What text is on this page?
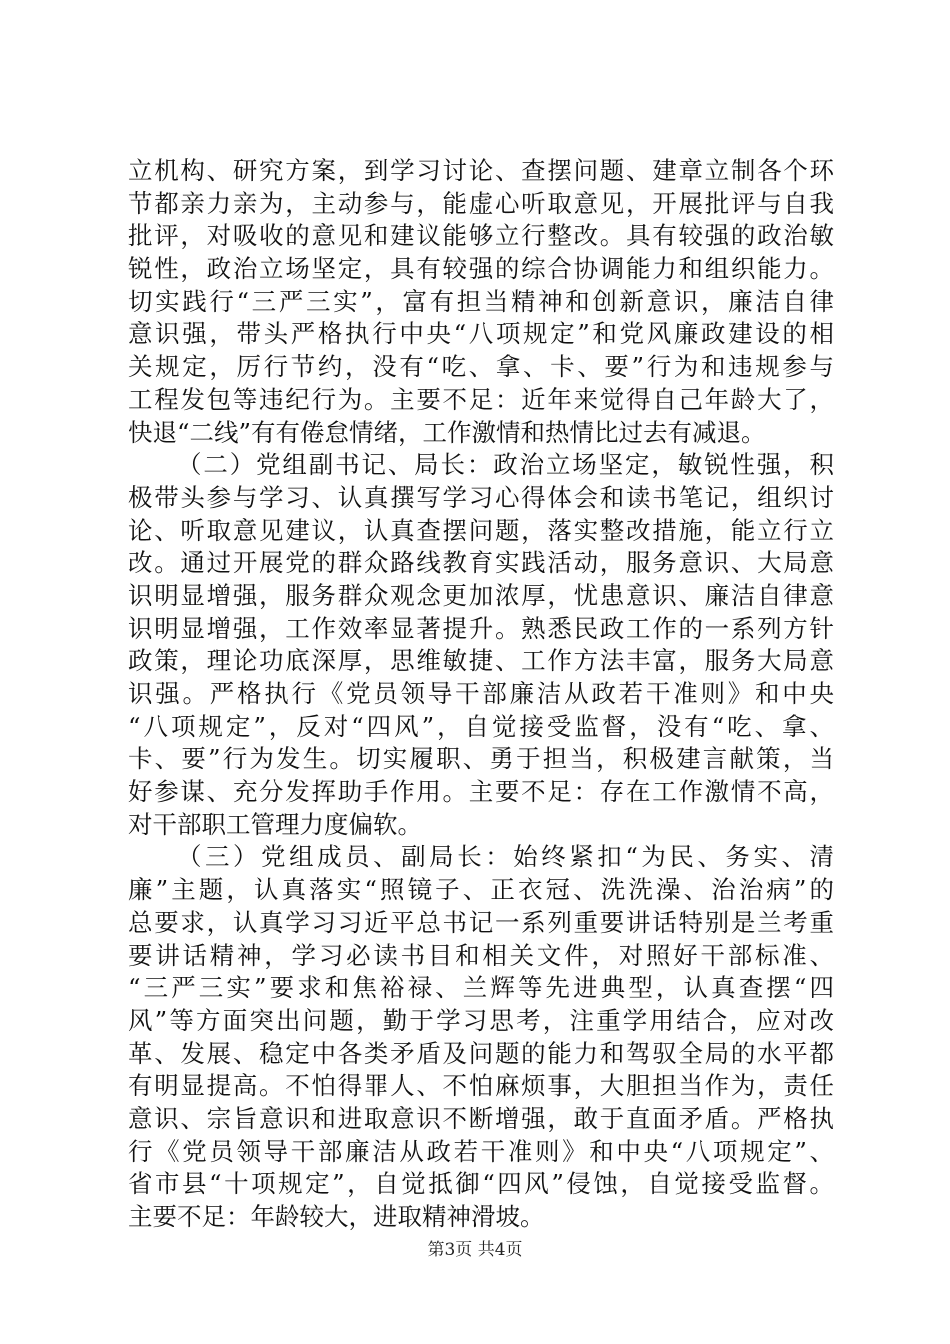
立机构、研究方案，到学习讨论、查摆问题、建章立制各个环
节都亲力亲为，主动参与，能虚心听取意见，开展批评与自我
批评，对吸收的意见和建议能够立行整改。具有较强的政治敏
锐性，政治立场坚定，具有较强的综合协调能力和组织能力。
切实践行“三严三实”，富有担当精神和创新意识，廉洁自律
意识强，带头严格执行中央“八项规定”和党风廉政建设的相
关规定，厉行节约，没有“吃、拿、卡、要”行为和违规参与
工程发包等违纪行为。主要不足：近年来觉得自己年龄大了，
快退“二线”有有倦怠情绪，工作激情和热情比过去有减退。
（二）党组副书记、局长：政治立场坚定，敏锐性强，积
极带头参与学习、认真撰写学习心得体会和读书笔记，组织讨
论、听取意见建议，认真查摆问题，落实整改措施，能立行立
改。通过开展党的群众路线教育实践活动，服务意识、大局意
识明显增强，服务群众观念更加浓厚，忧患意识、廉洁自律意
识明显增强，工作效率显著提升。熟悉民政工作的一系列方针
政策，理论功底深厚，思维敏捷、工作方法丰富，服务大局意
识强。严格执行《党员领导干部廉洁从政若干准则》和中央
“八项规定”，反对“四风”，自觉接受监督，没有“吃、拿、
卡、要”行为发生。切实履职、勇于担当，积极建言献策，当
好参谋、充分发挥助手作用。主要不足：存在工作激情不高，
对干部职工管理力度偏软。
（三）党组成员、副局长：始终紧扣“为民、务实、清
廉”主题，认真落实“照镜子、正衣冠、洗洗澡、治治病”的
总要求，认真学习习近平总书记一系列重要讲话特别是兰考重
要讲话精神，学习必读书目和相关文件，对照好干部标准、
“三严三实”要求和焦裕禄、兰辉等先进典型，认真查摆“四
风”等方面突出问题，勤于学习思考，注重学用结合，应对改
革、发展、稳定中各类矛盾及问题的能力和驾驭全局的水平都
有明显提高。不怕得罪人、不怕麻烦事，大胆担当作为，责任
意识、宗旨意识和进取意识不断增强，敢于直面矛盾。严格执
行《党员领导干部廉洁从政若干准则》和中央“八项规定”、
省市县“十项规定”，自觉抵御“四风”侵蚀，自觉接受监督。
主要不足：年龄较大，进取精神滑坡。
第3页 共4页
